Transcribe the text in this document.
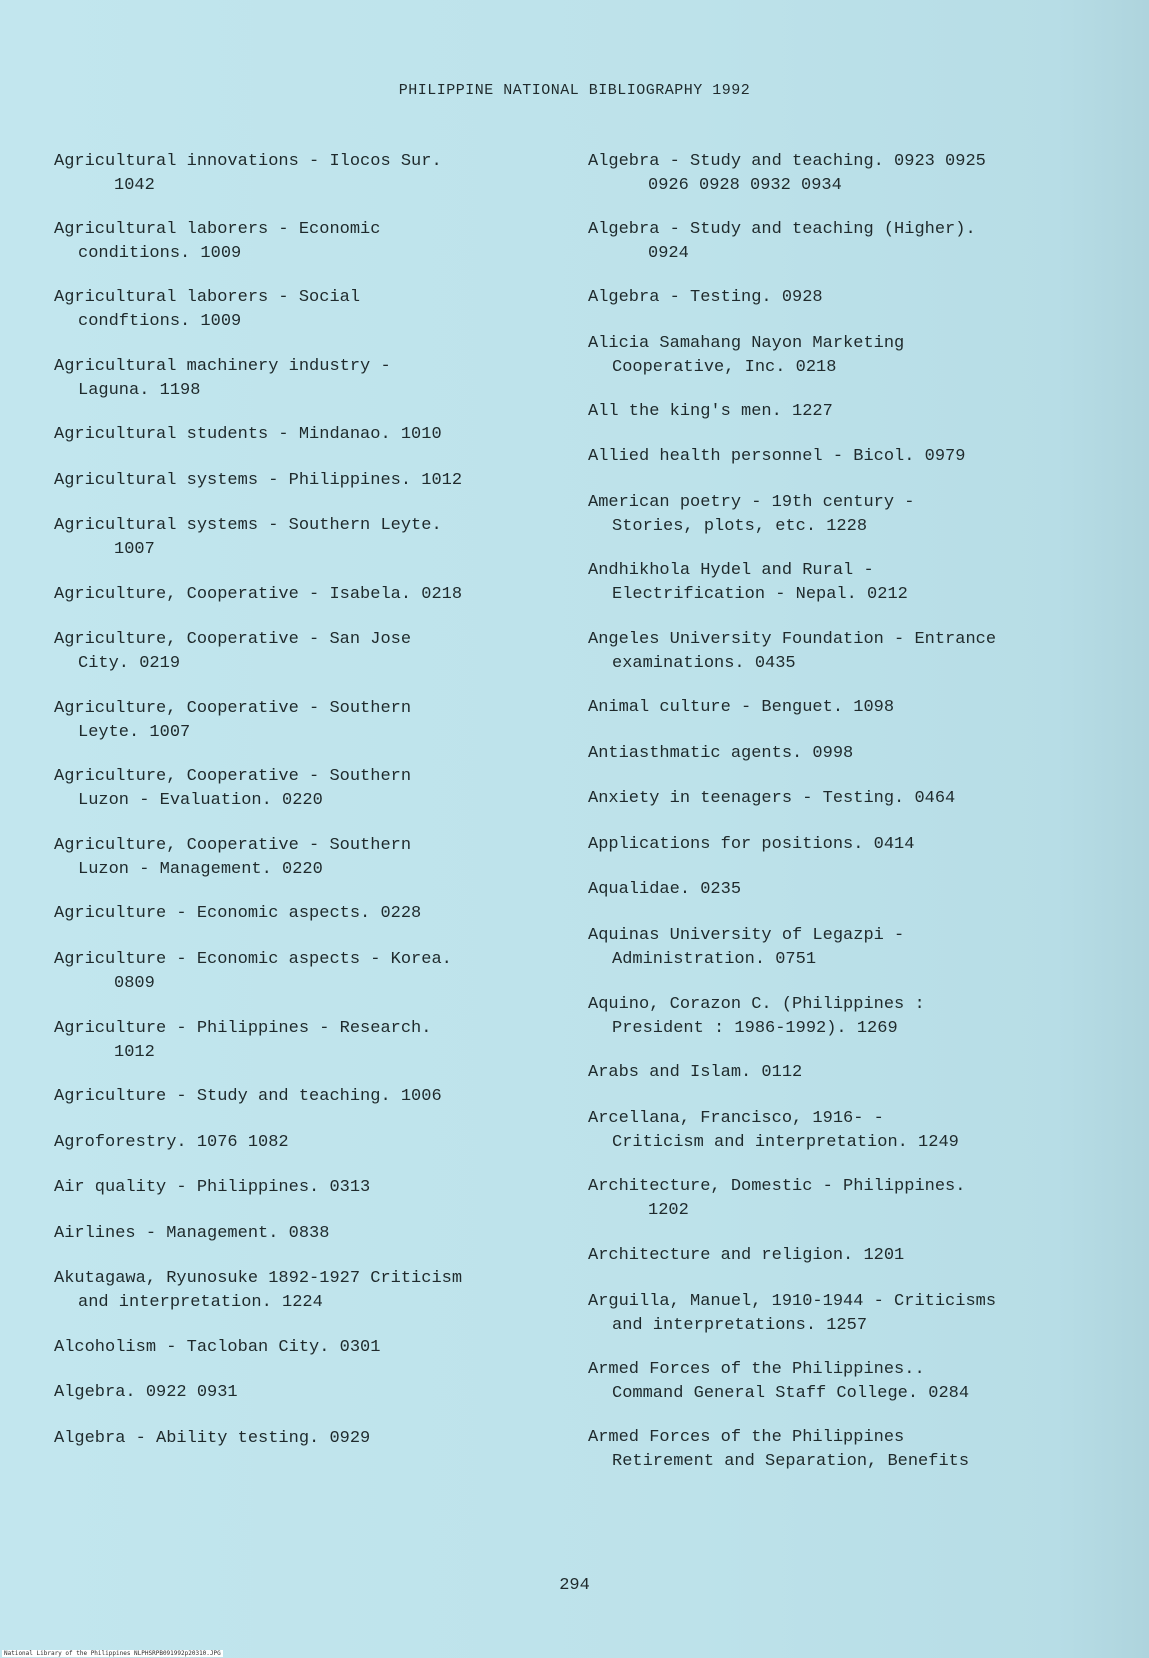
PHILIPPINE NATIONAL BIBLIOGRAPHY 1992
Agricultural innovations - Ilocos Sur.
1042
Agricultural laborers - Economic
conditions. 1009
Agricultural laborers - Social
condftions. 1009
Agricultural machinery industry -
Laguna. 1198
Agricultural students - Mindanao. 1010
Agricultural systems - Philippines. 1012
Agricultural systems - Southern Leyte.
1007
Agriculture, Cooperative - Isabela. 0218
Agriculture, Cooperative - San Jose
City. 0219
Agriculture, Cooperative - Southern
Leyte. 1007
Agriculture, Cooperative - Southern
Luzon - Evaluation. 0220
Agriculture, Cooperative - Southern
Luzon - Management. 0220
Agriculture - Economic aspects. 0228
Agriculture - Economic aspects - Korea.
0809
Agriculture - Philippines - Research.
1012
Agriculture - Study and teaching. 1006
Agroforestry. 1076 1082
Air quality - Philippines. 0313
Airlines - Management. 0838
Akutagawa, Ryunosuke 1892-1927 Criticism
and interpretation. 1224
Alcoholism - Tacloban City. 0301
Algebra. 0922 0931
Algebra - Ability testing. 0929
Algebra - Study and teaching. 0923 0925
0926 0928 0932 0934
Algebra - Study and teaching (Higher).
0924
Algebra - Testing. 0928
Alicia Samahang Nayon Marketing
Cooperative, Inc. 0218
All the king's men. 1227
Allied health personnel - Bicol. 0979
American poetry - 19th century -
Stories, plots, etc. 1228
Andhikhola Hydel and Rural -
Electrification - Nepal. 0212
Angeles University Foundation - Entrance
examinations. 0435
Animal culture - Benguet. 1098
Antiasthmatic agents. 0998
Anxiety in teenagers - Testing. 0464
Applications for positions. 0414
Aqualidae. 0235
Aquinas University of Legazpi -
Administration. 0751
Aquino, Corazon C. (Philippines :
President : 1986-1992). 1269
Arabs and Islam. 0112
Arcellana, Francisco, 1916- -
Criticism and interpretation. 1249
Architecture, Domestic - Philippines.
1202
Architecture and religion. 1201
Arguilla, Manuel, 1910-1944 - Criticisms
and interpretations. 1257
Armed Forces of the Philippines..
Command General Staff College. 0284
Armed Forces of the Philippines
Retirement and Separation, Benefits
294
National Library of the Philippines NLPHSRPB091992p20310.JPG
